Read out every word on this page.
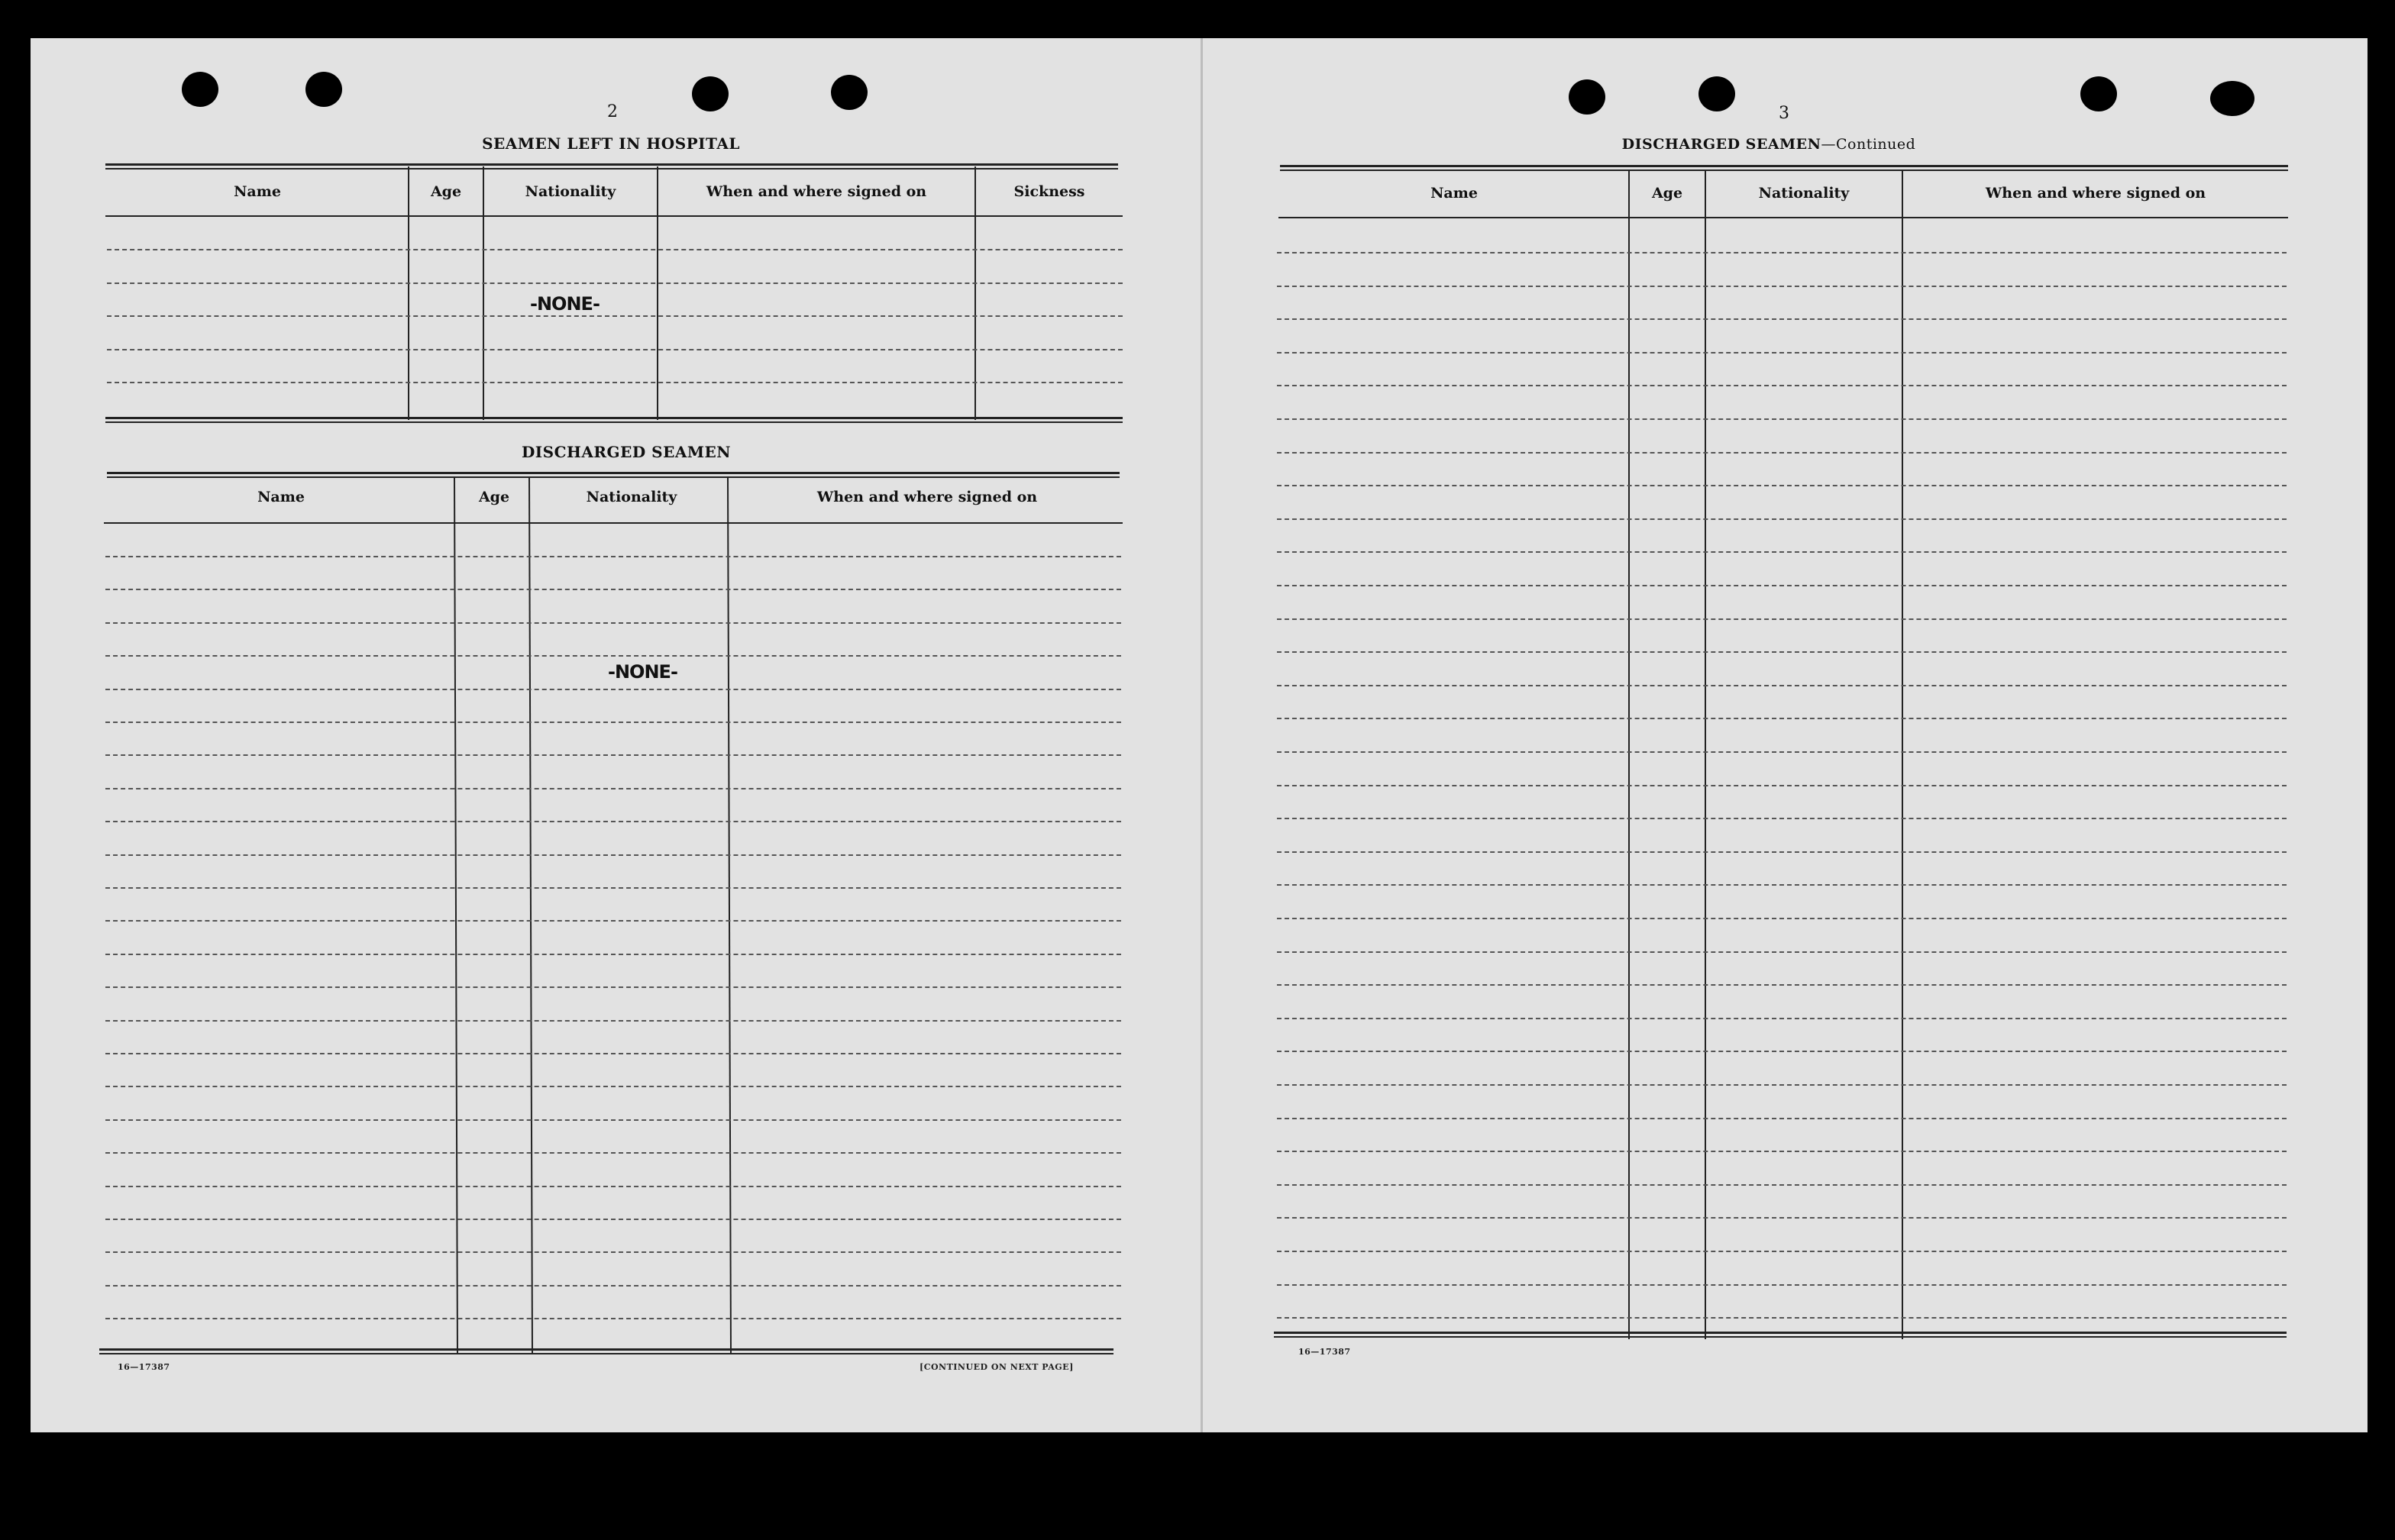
2
SEAMEN LEFT IN HOSPITAL
Name	Age	Nationality	When and where signed on	Sickness
- NONE -
DISCHARGED SEAMEN
Name	Age	Nationality	When and where signed on
- NONE -
16—17387	[CONTINUED ON NEXT PAGE]
3
DISCHARGED SEAMEN—Continued
Name	Age	Nationality	When and where signed on
16—17387
